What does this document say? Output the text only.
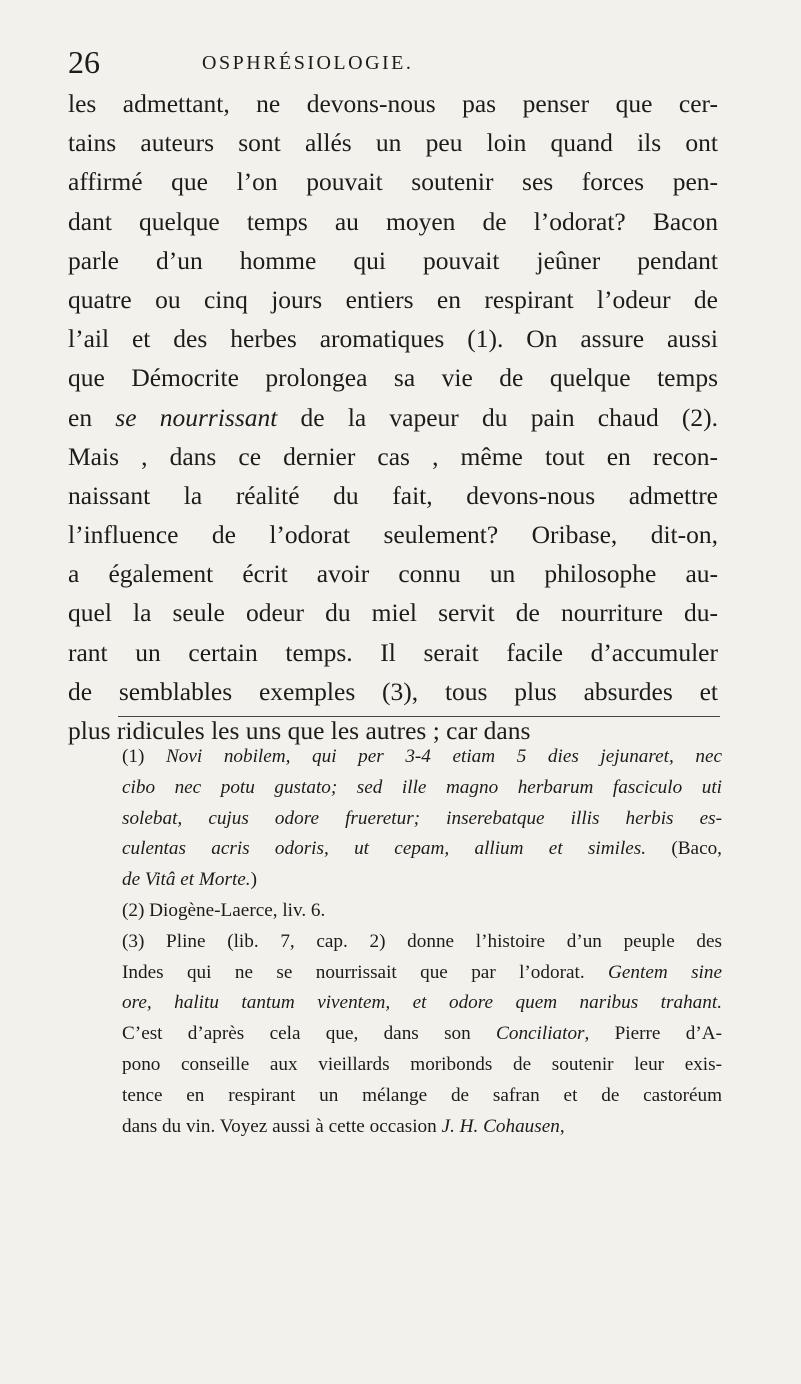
26	OSPHRÉSIOLOGIE.
les admettant, ne devons-nous pas penser que cer-
tains auteurs sont allés un peu loin quand ils ont
affirmé que l’on pouvait soutenir ses forces pen-
dant quelque temps au moyen de l’odorat? Bacon
parle d’un homme qui pouvait jeûner pendant
quatre ou cinq jours entiers en respirant l’odeur de
l’ail et des herbes aromatiques (1). On assure aussi
que Démocrite prolongea sa vie de quelque temps
en se nourrissant de la vapeur du pain chaud (2).
Mais , dans ce dernier cas , même tout en recon-
naissant la réalité du fait, devons-nous admettre
l’influence de l’odorat seulement? Oribase, dit-on,
a également écrit avoir connu un philosophe au-
quel la seule odeur du miel servit de nourriture du-
rant un certain temps. Il serait facile d’accumuler
de semblables exemples (3), tous plus absurdes et
plus ridicules les uns que les autres ; car dans
(1) Novi nobilem, qui per 3-4 etiam 5 dies jejunaret, nec
cibo nec potu gustato; sed ille magno herbarum fasciculo uti
solebat, cujus odore frueretur; inserebatque illis herbis es-
culentas acris odoris, ut cepam, allium et similes. (Baco,
de Vitâ et Morte.)
(2) Diogène-Laerce, liv. 6.
(3) Pline (lib. 7, cap. 2) donne l’histoire d’un peuple des
Indes qui ne se nourrissait que par l’odorat. Gentem sine
ore, halitu tantum viventem, et odore quem naribus trahant.
C’est d’après cela que, dans son Conciliator, Pierre d’A-
pono conseille aux vieillards moribonds de soutenir leur exis-
tence en respirant un mélange de safran et de castoréum
dans du vin. Voyez aussi à cette occasion J. H. Cohausen,
